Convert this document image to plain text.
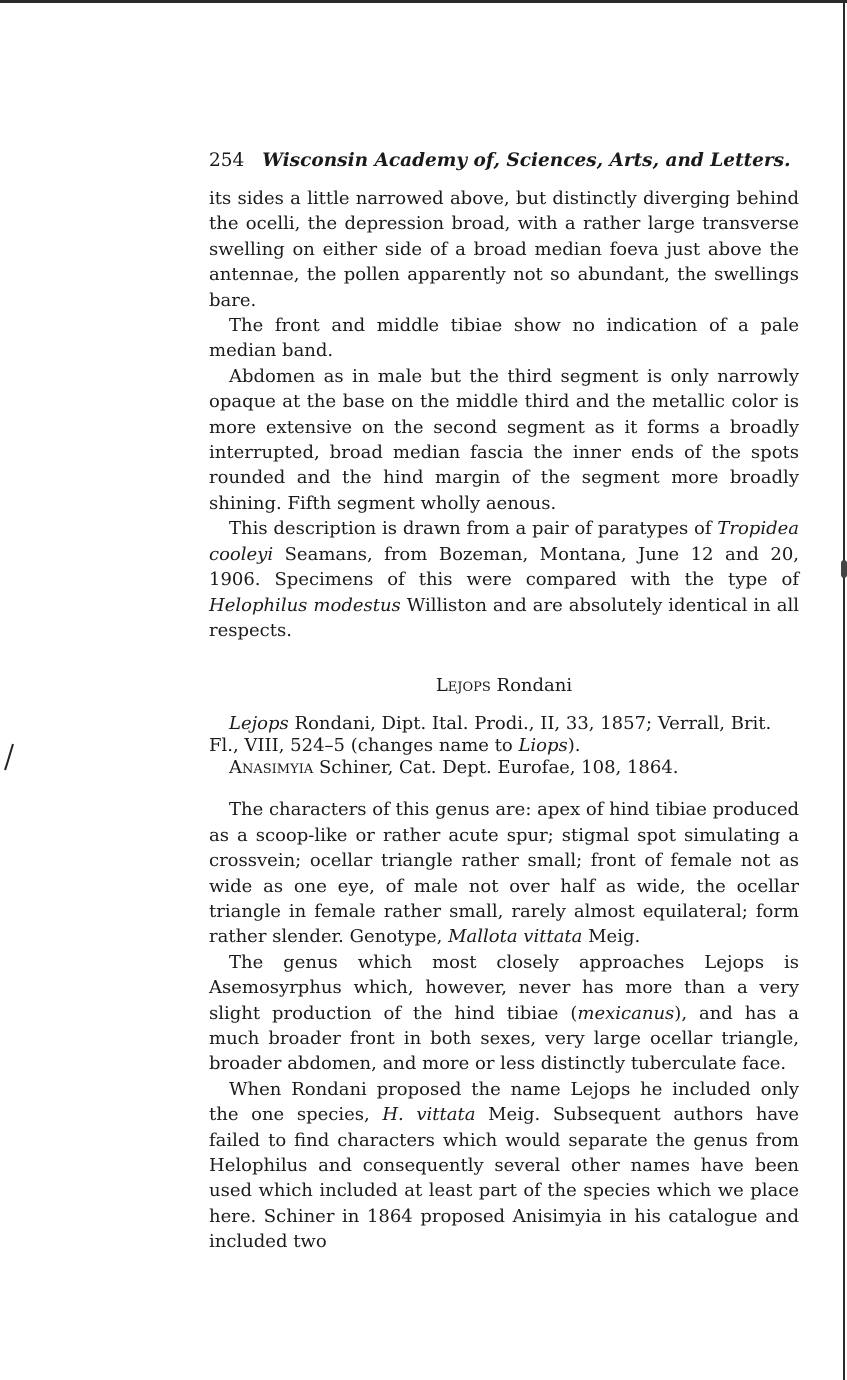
254 Wisconsin Academy of, Sciences, Arts, and Letters.

its sides a little narrowed above, but distinctly diverging behind the ocelli, the depression broad, with a rather large transverse swelling on either side of a broad median foeva just above the antennae, the pollen apparently not so abundant, the swellings bare.

The front and middle tibiae show no indication of a pale median band.

Abdomen as in male but the third segment is only narrowly opaque at the base on the middle third and the metallic color is more extensive on the second segment as it forms a broadly interrupted, broad median fascia the inner ends of the spots rounded and the hind margin of the segment more broadly shining. Fifth segment wholly aenous.

This description is drawn from a pair of paratypes of Tropidea cooleyi Seamans, from Bozeman, Montana, June 12 and 20, 1906. Specimens of this were compared with the type of Helophilus modestus Williston and are absolutely identical in all respects.

Lejops Rondani
Lejops Rondani, Dipt. Ital. Prodi., II, 33, 1857; Verrall, Brit. Fl., VIII, 524–5 (changes name to Liops).
Anasimyia Schiner, Cat. Dept. Eurofae, 108, 1864.

The characters of this genus are: apex of hind tibiae produced as a scoop-like or rather acute spur; stigmal spot simulating a crossvein; ocellar triangle rather small; front of female not as wide as one eye, of male not over half as wide, the ocellar triangle in female rather small, rarely almost equilateral; form rather slender. Genotype, Mallota vittata Meig.

The genus which most closely approaches Lejops is Asemosyrphus which, however, never has more than a very slight production of the hind tibiae (mexicanus), and has a much broader front in both sexes, very large ocellar triangle, broader abdomen, and more or less distinctly tuberculate face.

When Rondani proposed the name Lejops he included only the one species, H. vittata Meig. Subsequent authors have failed to find characters which would separate the genus from Helophilus and consequently several other names have been used which included at least part of the species which we place here. Schiner in 1864 proposed Anisimyia in his catalogue and included two
